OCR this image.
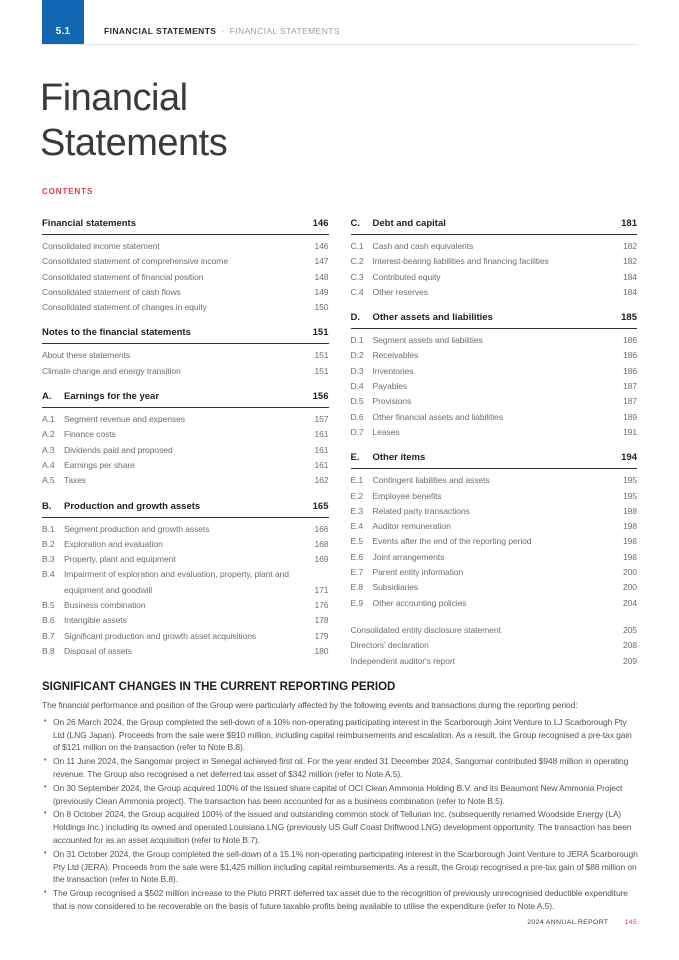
5.1	FINANCIAL STATEMENTS · FINANCIAL STATEMENTS
Financial
Statements
CONTENTS
Financial statements	146
Consolidated income statement	146
Consolidated statement of comprehensive income	147
Consolidated statement of financial position	148
Consolidated statement of cash flows	149
Consolidated statement of changes in equity	150
Notes to the financial statements	151
About these statements	151
Climate change and energy transition	151
A.	Earnings for the year	156
A.1	Segment revenue and expenses	157
A.2	Finance costs	161
A.3	Dividends paid and proposed	161
A.4	Earnings per share	161
A.5	Taxes	162
B.	Production and growth assets	165
B.1	Segment production and growth assets	166
B.2	Exploration and evaluation	168
B.3	Property, plant and equipment	169
B.4	Impairment of exploration and evaluation, property, plant and equipment and goodwill	171
B.5	Business combination	176
B.6	Intangible assets	178
B.7	Significant production and growth asset acquisitions	179
B.8	Disposal of assets	180
C.	Debt and capital	181
C.1	Cash and cash equivalents	182
C.2	Interest-bearing liabilities and financing facilities	182
C.3	Contributed equity	184
C.4	Other reserves	184
D.	Other assets and liabilities	185
D.1	Segment assets and liabilities	186
D.2	Receivables	186
D.3	Inventories	186
D.4	Payables	187
D.5	Provisions	187
D.6	Other financial assets and liabilities	189
D.7	Leases	191
E.	Other items	194
E.1	Contingent liabilities and assets	195
E.2	Employee benefits	195
E.3	Related party transactions	198
E.4	Auditor remuneration	198
E.5	Events after the end of the reporting period	198
E.6	Joint arrangements	198
E.7	Parent entity information	200
E.8	Subsidiaries	200
E.9	Other accounting policies	204
Consolidated entity disclosure statement	205
Directors' declaration	208
Independent auditor's report	209
SIGNIFICANT CHANGES IN THE CURRENT REPORTING PERIOD

The financial performance and position of the Group were particularly affected by the following events and transactions during the reporting period:

• On 26 March 2024, the Group completed the sell-down of a 10% non-operating participating interest in the Scarborough Joint Venture to LJ Scarborough Pty Ltd (LNG Japan). Proceeds from the sale were $910 million, including capital reimbursements and escalation. As a result, the Group recognised a pre-tax gain of $121 million on the transaction (refer to Note B.8).
• On 11 June 2024, the Sangomar project in Senegal achieved first oil. For the year ended 31 December 2024, Sangomar contributed $948 million in operating revenue. The Group also recognised a net deferred tax asset of $342 million (refer to Note A.5).
• On 30 September 2024, the Group acquired 100% of the issued share capital of OCI Clean Ammonia Holding B.V. and its Beaumont New Ammonia Project (previously Clean Ammonia project). The transaction has been accounted for as a business combination (refer to Note B.5).
• On 8 October 2024, the Group acquired 100% of the issued and outstanding common stock of Tellurian Inc. (subsequently renamed Woodside Energy (LA) Holdings Inc.) including its owned and operated Louisiana LNG (previously US Gulf Coast Driftwood LNG) development opportunity. The transaction has been accounted for as an asset acquisition (refer to Note B.7).
• On 31 October 2024, the Group completed the sell-down of a 15.1% non-operating participating interest in the Scarborough Joint Venture to JERA Scarborough Pty Ltd (JERA). Proceeds from the sale were $1,425 million including capital reimbursements. As a result, the Group recognised a pre-tax gain of $88 million on the transaction (refer to Note B.8).
• The Group recognised a $502 million increase to the Pluto PRRT deferred tax asset due to the recognition of previously unrecognised deductible expenditure that is now considered to be recoverable on the basis of future taxable profits being available to utilise the expenditure (refer to Note A.5).
2024 ANNUAL REPORT 145
